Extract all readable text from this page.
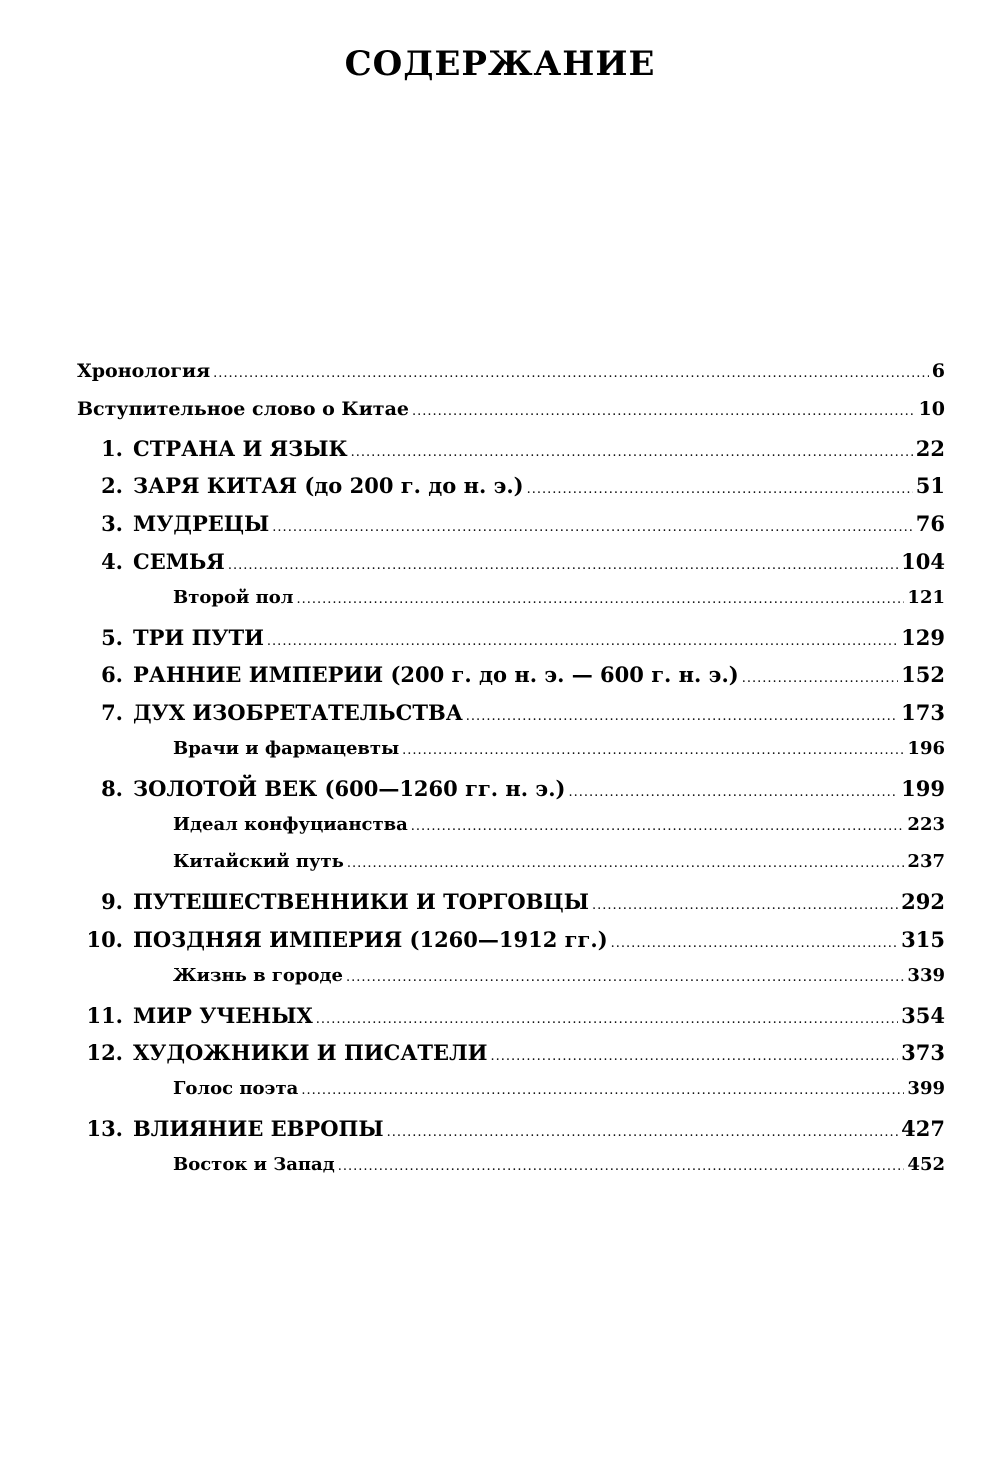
СОДЕРЖАНИЕ
Хронология .....	6
Вступительное слово о Китае .....	10
1. СТРАНА И ЯЗЫК .....	22
2. ЗАРЯ КИТАЯ (до 200 г. до н. э.) .....	51
3. МУДРЕЦЫ .....	76
4. СЕМЬЯ .....	104
Второй пол .....	121
5. ТРИ ПУТИ .....	129
6. РАННИЕ ИМПЕРИИ (200 г. до н. э. — 600 г. н. э.) .....	152
7. ДУХ ИЗОБРЕТАТЕЛЬСТВА .....	173
Врачи и фармацевты .....	196
8. ЗОЛОТОЙ ВЕК (600—1260 гг. н. э.) .....	199
Идеал конфуцианства .....	223
Китайский путь .....	237
9. ПУТЕШЕСТВЕННИКИ И ТОРГОВЦЫ .....	292
10. ПОЗДНЯЯ ИМПЕРИЯ (1260—1912 гг.) .....	315
Жизнь в городе .....	339
11. МИР УЧЕНЫХ .....	354
12. ХУДОЖНИКИ И ПИСАТЕЛИ .....	373
Голос поэта .....	399
13. ВЛИЯНИЕ ЕВРОПЫ .....	427
Восток и Запад .....	452
